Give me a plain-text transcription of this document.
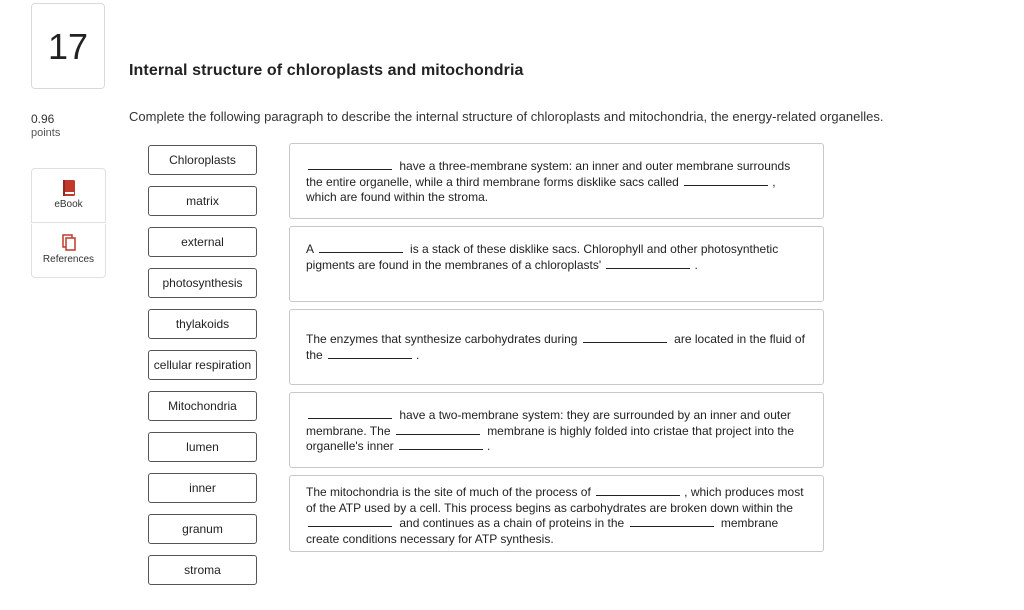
17
0.96
points
eBook
References
Internal structure of chloroplasts and mitochondria
Complete the following paragraph to describe the internal structure of chloroplasts and mitochondria, the energy-related organelles.
Chloroplasts
matrix
external
photosynthesis
thylakoids
cellular respiration
Mitochondria
lumen
inner
granum
stroma
have a three-membrane system: an inner and outer membrane surrounds the entire organelle, while a third membrane forms disklike sacs called	, which are found within the stroma.
A	is a stack of these disklike sacs. Chlorophyll and other photosynthetic pigments are found in the membranes of a chloroplasts'	.
The enzymes that synthesize carbohydrates during	are located in the fluid of the	.
have a two-membrane system: they are surrounded by an inner and outer membrane. The	membrane is highly folded into cristae that project into the organelle's inner	.
The mitochondria is the site of much of the process of	, which produces most of the ATP used by a cell. This process begins as carbohydrates are broken down within the  and continues as a chain of proteins in the	membrane create conditions necessary for ATP synthesis.
